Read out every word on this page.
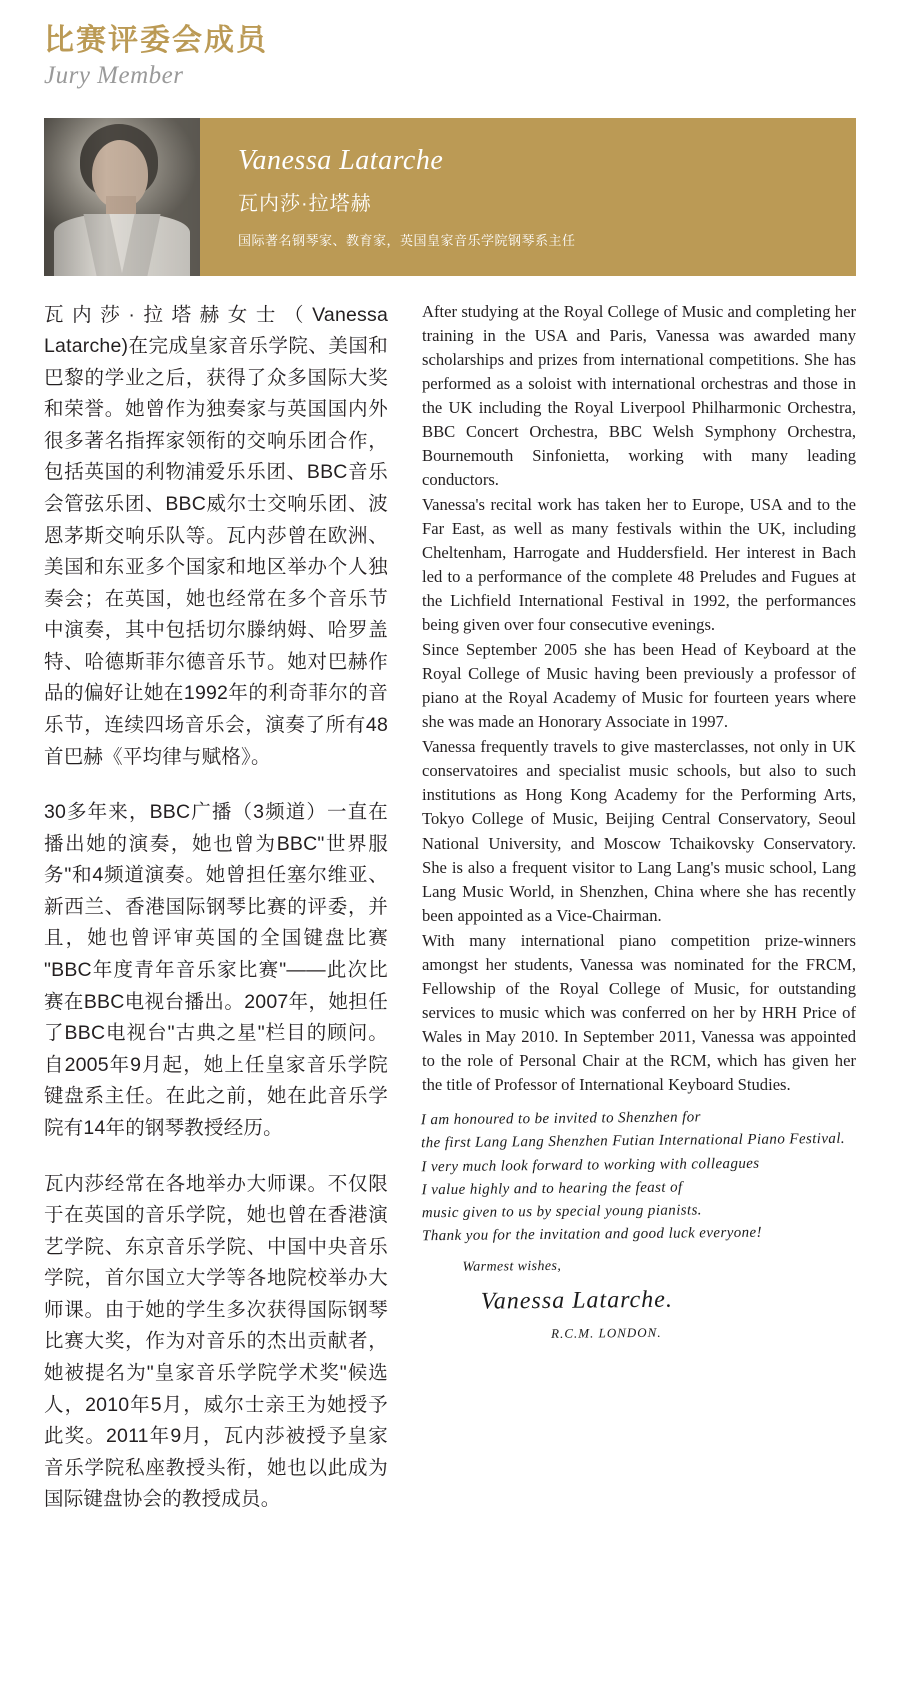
比赛评委会成员
Jury Member
Vanessa Latarche
瓦内莎·拉塔赫
国际著名钢琴家、教育家，英国皇家音乐学院钢琴系主任

瓦内莎·拉塔赫女士（Vanessa Latarche)在完成皇家音乐学院、美国和巴黎的学业之后，获得了众多国际大奖和荣誉。她曾作为独奏家与英国国内外很多著名指挥家领衔的交响乐团合作，包括英国的利物浦爱乐乐团、BBC音乐会管弦乐团、BBC威尔士交响乐团、波恩茅斯交响乐队等。瓦内莎曾在欧洲、美国和东亚多个国家和地区举办个人独奏会；在英国，她也经常在多个音乐节中演奏，其中包括切尔滕纳姆、哈罗盖特、哈德斯菲尔德音乐节。她对巴赫作品的偏好让她在1992年的利奇菲尔的音乐节，连续四场音乐会，演奏了所有48首巴赫《平均律与赋格》。

30多年来，BBC广播（3频道）一直在播出她的演奏，她也曾为BBC"世界服务"和4频道演奏。她曾担任塞尔维亚、新西兰、香港国际钢琴比赛的评委，并且，她也曾评审英国的全国键盘比赛 "BBC年度青年音乐家比赛"——此次比赛在BBC电视台播出。2007年，她担任了BBC电视台"古典之星"栏目的顾问。自2005年9月起，她上任皇家音乐学院键盘系主任。在此之前，她在此音乐学院有14年的钢琴教授经历。

瓦内莎经常在各地举办大师课。不仅限于在英国的音乐学院，她也曾在香港演艺学院、东京音乐学院、中国中央音乐学院，首尔国立大学等各地院校举办大师课。由于她的学生多次获得国际钢琴比赛大奖，作为对音乐的杰出贡献者，她被提名为"皇家音乐学院学术奖"候选人，2010年5月，威尔士亲王为她授予此奖。2011年9月，瓦内莎被授予皇家音乐学院私座教授头衔，她也以此成为国际键盘协会的教授成员。

After studying at the Royal College of Music and completing her training in the USA and Paris, Vanessa was awarded many scholarships and prizes from international competitions. She has performed as a soloist with international orchestras and those in the UK including the Royal Liverpool Philharmonic Orchestra, BBC Concert Orchestra, BBC Welsh Symphony Orchestra, Bournemouth Sinfonietta, working with many leading conductors.

Vanessa's recital work has taken her to Europe, USA and to the Far East, as well as many festivals within the UK, including Cheltenham, Harrogate and Huddersfield. Her interest in Bach led to a performance of the complete 48 Preludes and Fugues at the Lichfield International Festival in 1992, the performances being given over four consecutive evenings.

Since September 2005 she has been Head of Keyboard at the Royal College of Music having been previously a professor of piano at the Royal Academy of Music for fourteen years where she was made an Honorary Associate in 1997.

Vanessa frequently travels to give masterclasses, not only in UK conservatoires and specialist music schools, but also to such institutions as Hong Kong Academy for the Performing Arts, Tokyo College of Music, Beijing Central Conservatory, Seoul National University, and Moscow Tchaikovsky Conservatory. She is also a frequent visitor to Lang Lang's music school, Lang Lang Music World, in Shenzhen, China where she has recently been appointed as a Vice-Chairman.

With many international piano competition prize-winners amongst her students, Vanessa was nominated for the FRCM, Fellowship of the Royal College of Music, for outstanding services to music which was conferred on her by HRH Price of Wales in May 2010. In September 2011, Vanessa was appointed to the role of Personal Chair at the RCM, which has given her the title of Professor of International Keyboard Studies.

I am honoured to be invited to Shenzhen for
the first Lang Lang Shenzhen Futian International Piano Festival.
I very much look forward to working with colleagues
I value highly and to hearing the feast of
music given to us by special young pianists.
Thank you for the invitation and good luck everyone!
Warmest wishes,
Vanessa Latarche.
R.C.M. LONDON.
